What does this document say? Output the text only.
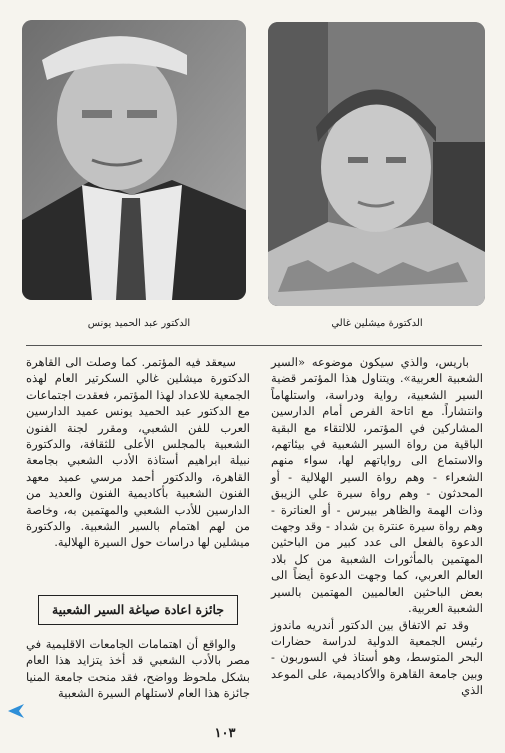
الدكتور عبد الحميد يونس	الدكتورة ميشلين غالي

باريس، والذي سيكون موضوعه «السير الشعبية العربية». ويتناول هذا المؤتمر قضية السير الشعبية، رواية ودراسة، واستلهاماً وانتشاراً. مع اتاحة الفرص أمام الدارسين المشاركين في المؤتمر، للالتقاء مع البقية الباقية من رواة السير الشعبية في بيئاتهم، والاستماع الى رواياتهم لها، سواء منهم الشعراء - وهم رواة السير الهلالية - أو المحدثون - وهم رواة سيرة علي الزيبق وذات الهمة والظاهر بيبرس - أو العناترة - وهم رواة سيرة عنترة بن شداد - وقد وجهت الدعوة بالفعل الى عدد كبير من الباحثين المهتمين بالمأثورات الشعبية من كل بلاد العالم العربي، كما وجهت الدعوة أيضاً الى بعض الباحثين العالميين المهتمين بالسير الشعبية العربية.

وقد تم الاتفاق بين الدكتور أندريه ماندوز رئيس الجمعية الدولية لدراسة حضارات البحر المتوسط، وهو أستاذ في السوربون - وبين جامعة القاهرة والأكاديمية، على الموعد الذي

سيعقد فيه المؤتمر. كما وصلت الى القاهرة الدكتورة ميشلين غالي السكرتير العام لهذه الجمعية للاعداد لهذا المؤتمر، فعقدت اجتماعات مع الدكتور عبد الحميد يونس عميد الدارسين العرب للفن الشعبي، ومقرر لجنة الفنون الشعبية بالمجلس الأعلى للثقافة، والدكتورة نبيلة ابراهيم أستاذة الأدب الشعبي بجامعة القاهرة، والدكتور أحمد مرسي عميد معهد الفنون الشعبية بأكاديمية الفنون والعديد من الدارسين للأدب الشعبي والمهتمين به، وخاصة من لهم اهتمام بالسير الشعبية. والدكتورة ميشلين لها دراسات حول السيرة الهلالية.

جائزة اعادة صياغة السير الشعبية

والواقع أن اهتمامات الجامعات الاقليمية في مصر بالأدب الشعبي قد أخذ يتزايد هذا العام بشكل ملحوظ وواضح، فقد منحت جامعة المنيا جائزة هذا العام لاستلهام السيرة الشعبية

١٠٣
